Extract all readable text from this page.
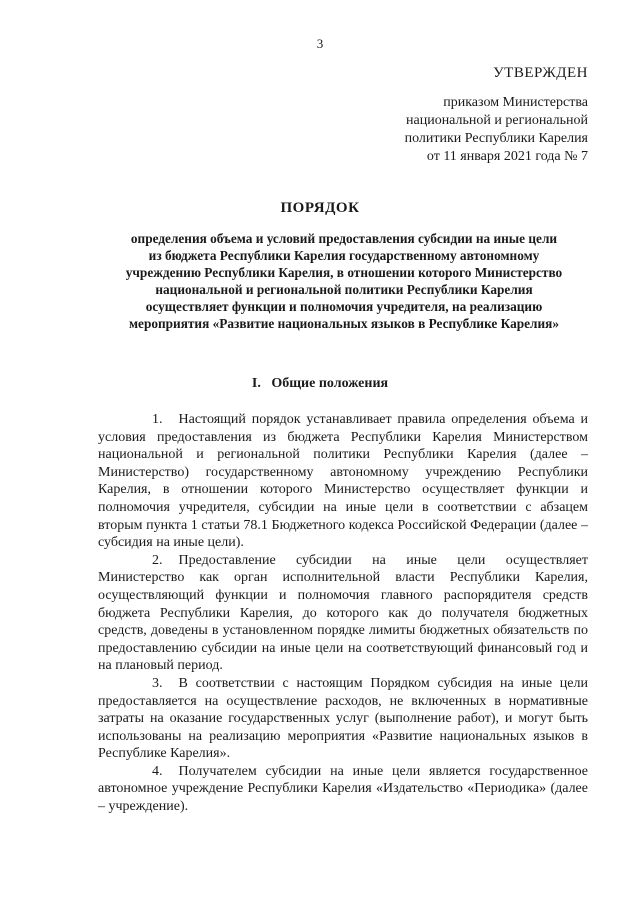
3
УТВЕРЖДЕН
приказом Министерства
национальной и региональной
политики Республики Карелия
от 11 января 2021 года № 7
ПОРЯДОК
определения объема и условий предоставления субсидии на иные цели
из бюджета Республики Карелия государственному автономному
учреждению Республики Карелия, в отношении которого Министерство
национальной и региональной политики Республики Карелия
осуществляет функции и полномочия учредителя, на реализацию
мероприятия «Развитие национальных языков в Республике Карелия»
I.   Общие положения

1. Настоящий порядок устанавливает правила определения объема и условия предоставления из бюджета Республики Карелия Министерством национальной и региональной политики Республики Карелия (далее – Министерство) государственному автономному учреждению Республики Карелия, в отношении которого Министерство осуществляет функции и полномочия учредителя, субсидии на иные цели в соответствии с абзацем вторым пункта 1 статьи 78.1 Бюджетного кодекса Российской Федерации (далее – субсидия на иные цели).

2. Предоставление субсидии на иные цели осуществляет Министерство как орган исполнительной власти Республики Карелия, осуществляющий функции и полномочия главного распорядителя средств бюджета Республики Карелия, до которого как до получателя бюджетных средств, доведены в установленном порядке лимиты бюджетных обязательств по предоставлению субсидии на иные цели на соответствующий финансовый год и на плановый период.

3. В соответствии с настоящим Порядком субсидия на иные цели предоставляется на осуществление расходов, не включенных в нормативные затраты на оказание государственных услуг (выполнение работ), и могут быть использованы на реализацию мероприятия «Развитие национальных языков в Республике Карелия».

4. Получателем субсидии на иные цели является государственное автономное учреждение Республики Карелия «Издательство «Периодика» (далее – учреждение).
